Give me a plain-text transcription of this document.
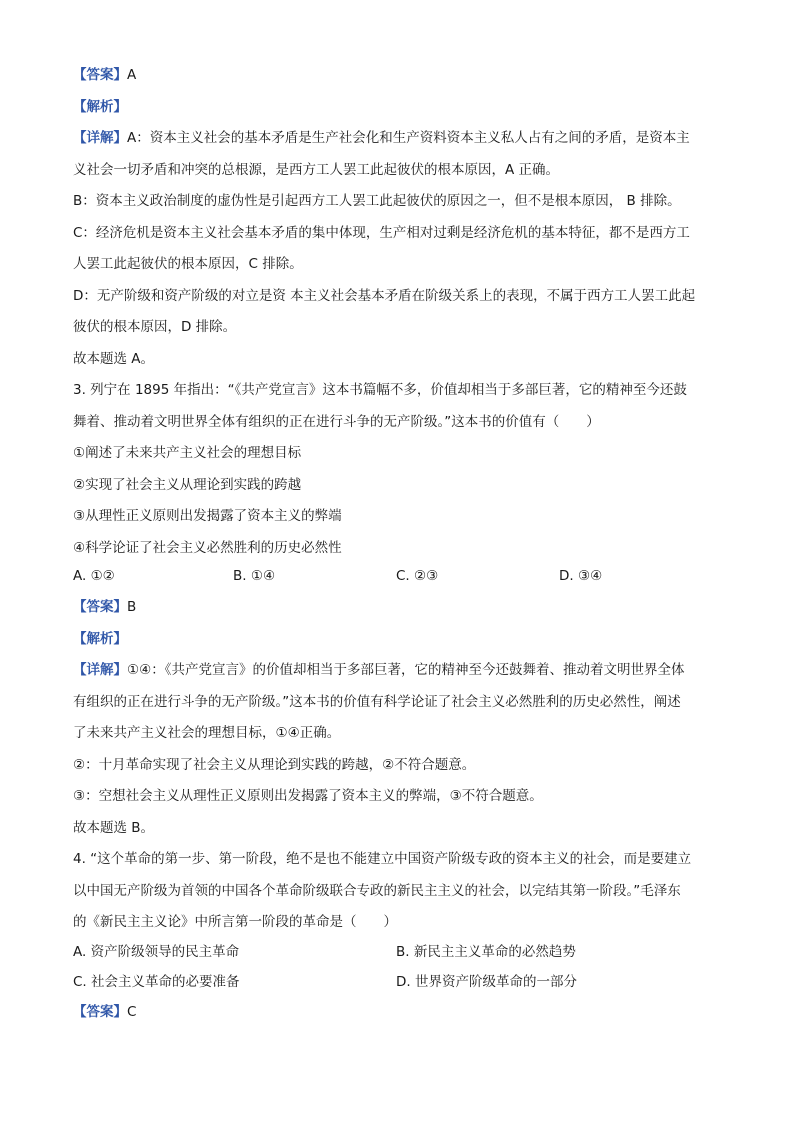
【答案】A
【解析】
【详解】A：资本主义社会的基本矛盾是生产社会化和生产资料资本主义私人占有之间的矛盾，是资本主
义社会一切矛盾和冲突的总根源，是西方工人罢工此起彼伏的根本原因，A 正确。
B：资本主义政治制度的虚伪性是引起西方工人罢工此起彼伏的原因之一，但不是根本原因， B 排除。
C：经济危机是资本主义社会基本矛盾的集中体现，生产相对过剩是经济危机的基本特征，都不是西方工
人罢工此起彼伏的根本原因，C 排除。
D：无产阶级和资产阶级的对立是资 本主义社会基本矛盾在阶级关系上的表现，不属于西方工人罢工此起
彼伏的根本原因，D 排除。
故本题选 A。
3. 列宁在 1895 年指出：“《共产党宣言》这本书篇幅不多，价值却相当于多部巨著，它的精神至今还鼓
舞着、推动着文明世界全体有组织的正在进行斗争的无产阶级。”这本书的价值有（　　）
①阐述了未来共产主义社会的理想目标
②实现了社会主义从理论到实践的跨越
③从理性正义原则出发揭露了资本主义的弊端
④科学论证了社会主义必然胜利的历史必然性
A. ①②	B. ①④	C. ②③	D. ③④
【答案】B
【解析】
【详解】①④：《共产党宣言》的价值却相当于多部巨著，它的精神至今还鼓舞着、推动着文明世界全体
有组织的正在进行斗争的无产阶级。”这本书的价值有科学论证了社会主义必然胜利的历史必然性，阐述
了未来共产主义社会的理想目标，①④正确。
②：十月革命实现了社会主义从理论到实践的跨越，②不符合题意。
③：空想社会主义从理性正义原则出发揭露了资本主义的弊端，③不符合题意。
故本题选 B。
4. “这个革命的第一步、第一阶段，绝不是也不能建立中国资产阶级专政的资本主义的社会，而是要建立
以中国无产阶级为首领的中国各个革命阶级联合专政的新民主主义的社会，以完结其第一阶段。”毛泽东
的《新民主主义论》中所言第一阶段的革命是（　　）
A. 资产阶级领导的民主革命	B. 新民主主义革命的必然趋势
C. 社会主义革命的必要准备	D. 世界资产阶级革命的一部分
【答案】C
